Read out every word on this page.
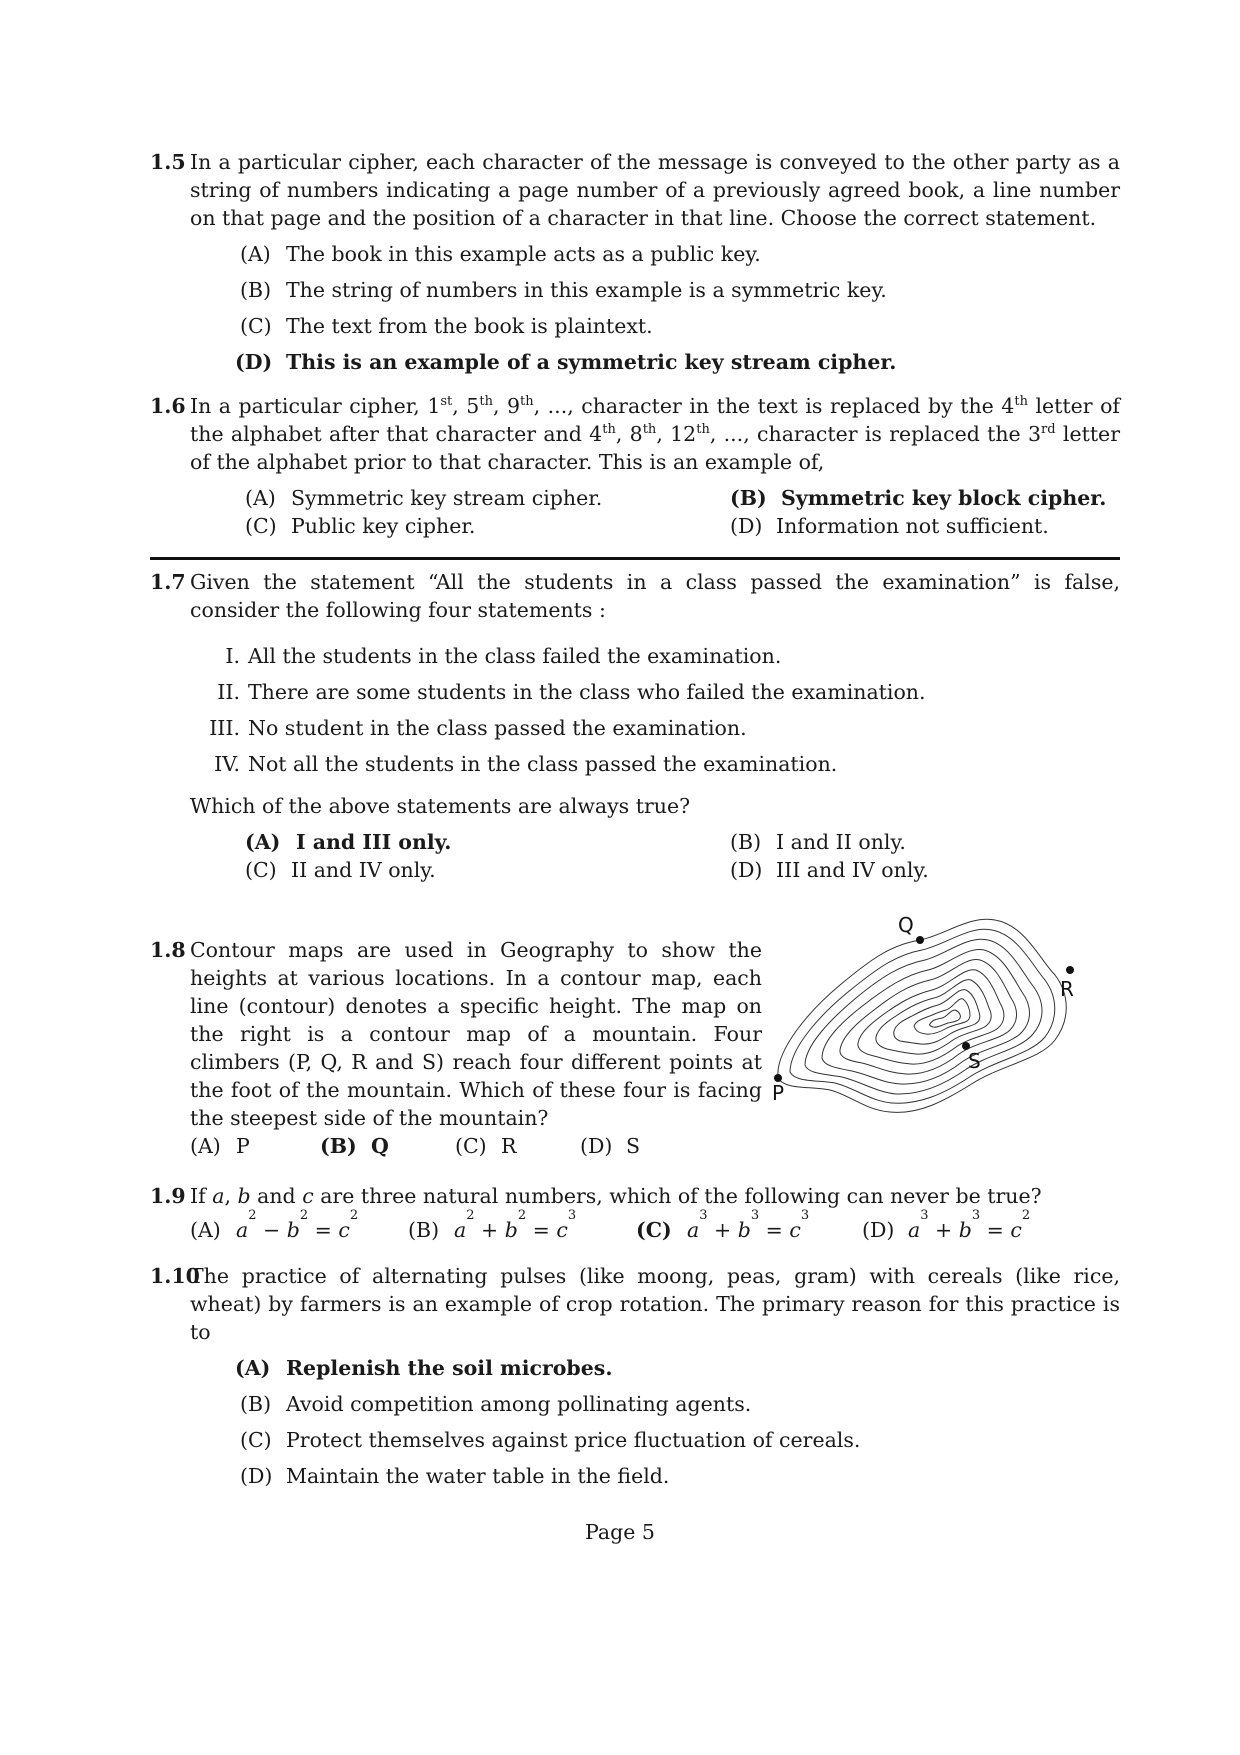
1.5 In a particular cipher, each character of the message is conveyed to the other party as a string of numbers indicating a page number of a previously agreed book, a line number on that page and the position of a character in that line. Choose the correct statement.
(A) The book in this example acts as a public key.
(B) The string of numbers in this example is a symmetric key.
(C) The text from the book is plaintext.
(D) This is an example of a symmetric key stream cipher.
1.6 In a particular cipher, 1st, 5th, 9th, ..., character in the text is replaced by the 4th letter of the alphabet after that character and 4th, 8th, 12th, ..., character is replaced the 3rd letter of the alphabet prior to that character. This is an example of,
(A) Symmetric key stream cipher.	(B) Symmetric key block cipher.
(C) Public key cipher.	(D) Information not sufficient.
1.7 Given the statement “All the students in a class passed the examination” is false, consider the following four statements :
I. All the students in the class failed the examination.
II. There are some students in the class who failed the examination.
III. No student in the class passed the examination.
IV. Not all the students in the class passed the examination.
Which of the above statements are always true?
(A) I and III only.	(B) I and II only.
(C) II and IV only.	(D) III and IV only.
1.8 Contour maps are used in Geography to show the heights at various locations. In a contour map, each line (contour) denotes a specific height. The map on the right is a contour map of a mountain. Four climbers (P, Q, R and S) reach four different points at the foot of the mountain. Which of these four is facing the steepest side of the mountain?
(A) P	(B) Q	(C) R	(D) S
1.9 If a, b and c are three natural numbers, which of the following can never be true?
(A) a
2
− b
2
= c
2
(B) a
2
+ b
2
= c
3
(C) a
3
+ b
3
= c
3
(D) a
3
+ b
3
= c
2
1.10
The practice of alternating pulses (like moong, peas, gram) with cereals (like rice, wheat) by farmers is an example of crop rotation. The primary reason for this practice is to
(A) Replenish the soil microbes.
(B) Avoid competition among pollinating agents.
(C) Protect themselves against price fluctuation of cereals.
(D) Maintain the water table in the field.
P
Q
R
S
Page 5
